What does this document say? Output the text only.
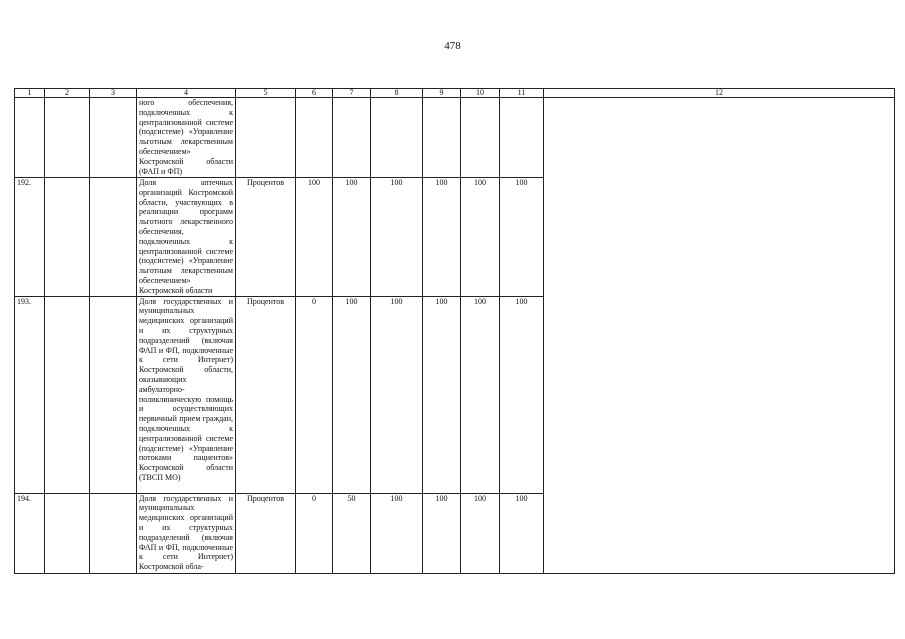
478
1	2	3	4	5	6	7	8	9	10	11	12
			ного обеспечения, подключенных к централизованной системе (подсистеме) «Управление льготным лекарственным обеспечением» Костромской области (ФАП и ФП)								
192.			Доля аптечных организаций Костромской области, участвующих в реализации программ льготного лекарственного обеспечения, подключенных к централизованной системе (подсистеме) «Управление льготным лекарственным обеспечением» Костромской области	Процентов	100	100	100	100	100	100	
193.			Доля государственных и муниципальных медицинских организаций и их структурных подразделений (включая ФАП и ФП, подключенные к сети Интернет) Костромской области, оказывающих амбулаторно-поликлиническую помощь и осуществляющих первичный прием граждан, подключенных к централизованной системе (подсистеме) «Управление потоками пациентов» Костромской области (ТВСП МО)	Процентов	0	100	100	100	100	100	
194.			Доля государственных и муниципальных медицинских организаций и их структурных подразделений (включая ФАП и ФП, подключенные к сети Интернет) Костромской обла-	Процентов	0	50	100	100	100	100	
